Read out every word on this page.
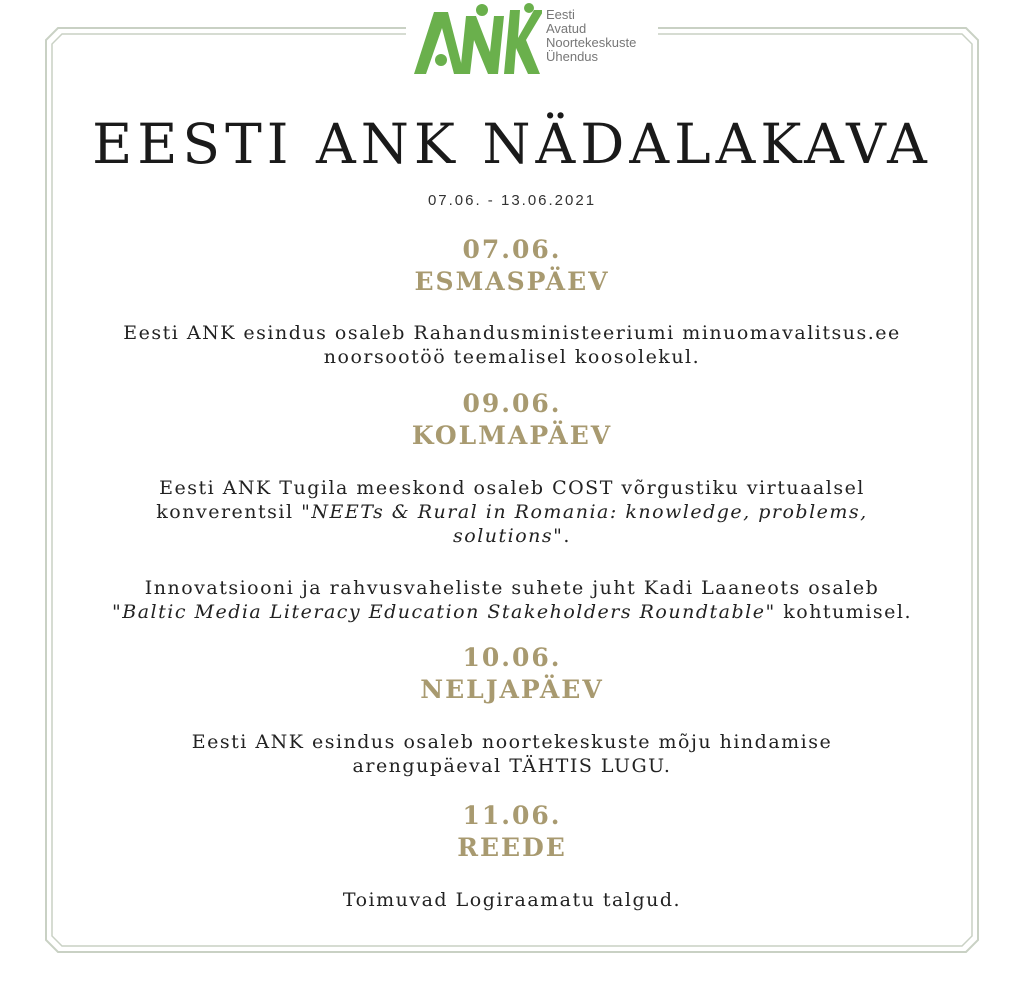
Eesti
Avatud
Noortekeskuste
Ühendus
EESTI ANK NÄDALAKAVA
07.06. - 13.06.2021
07.06.
ESMASPÄEV
Eesti ANK esindus osaleb Rahandusministeeriumi minuomavalitsus.ee
noorsootöö teemalisel koosolekul.
09.06.
KOLMAPÄEV
Eesti ANK Tugila meeskond osaleb COST võrgustiku virtuaalsel
konverentsil "NEETs & Rural in Romania: knowledge, problems,
solutions".
Innovatsiooni ja rahvusvaheliste suhete juht Kadi Laaneots osaleb
"Baltic Media Literacy Education Stakeholders Roundtable" kohtumisel.
10.06.
NELJAPÄEV
Eesti ANK esindus osaleb noortekeskuste mõju hindamise
arengupäeval TÄHTIS LUGU.
11.06.
REEDE
Toimuvad Logiraamatu talgud.
